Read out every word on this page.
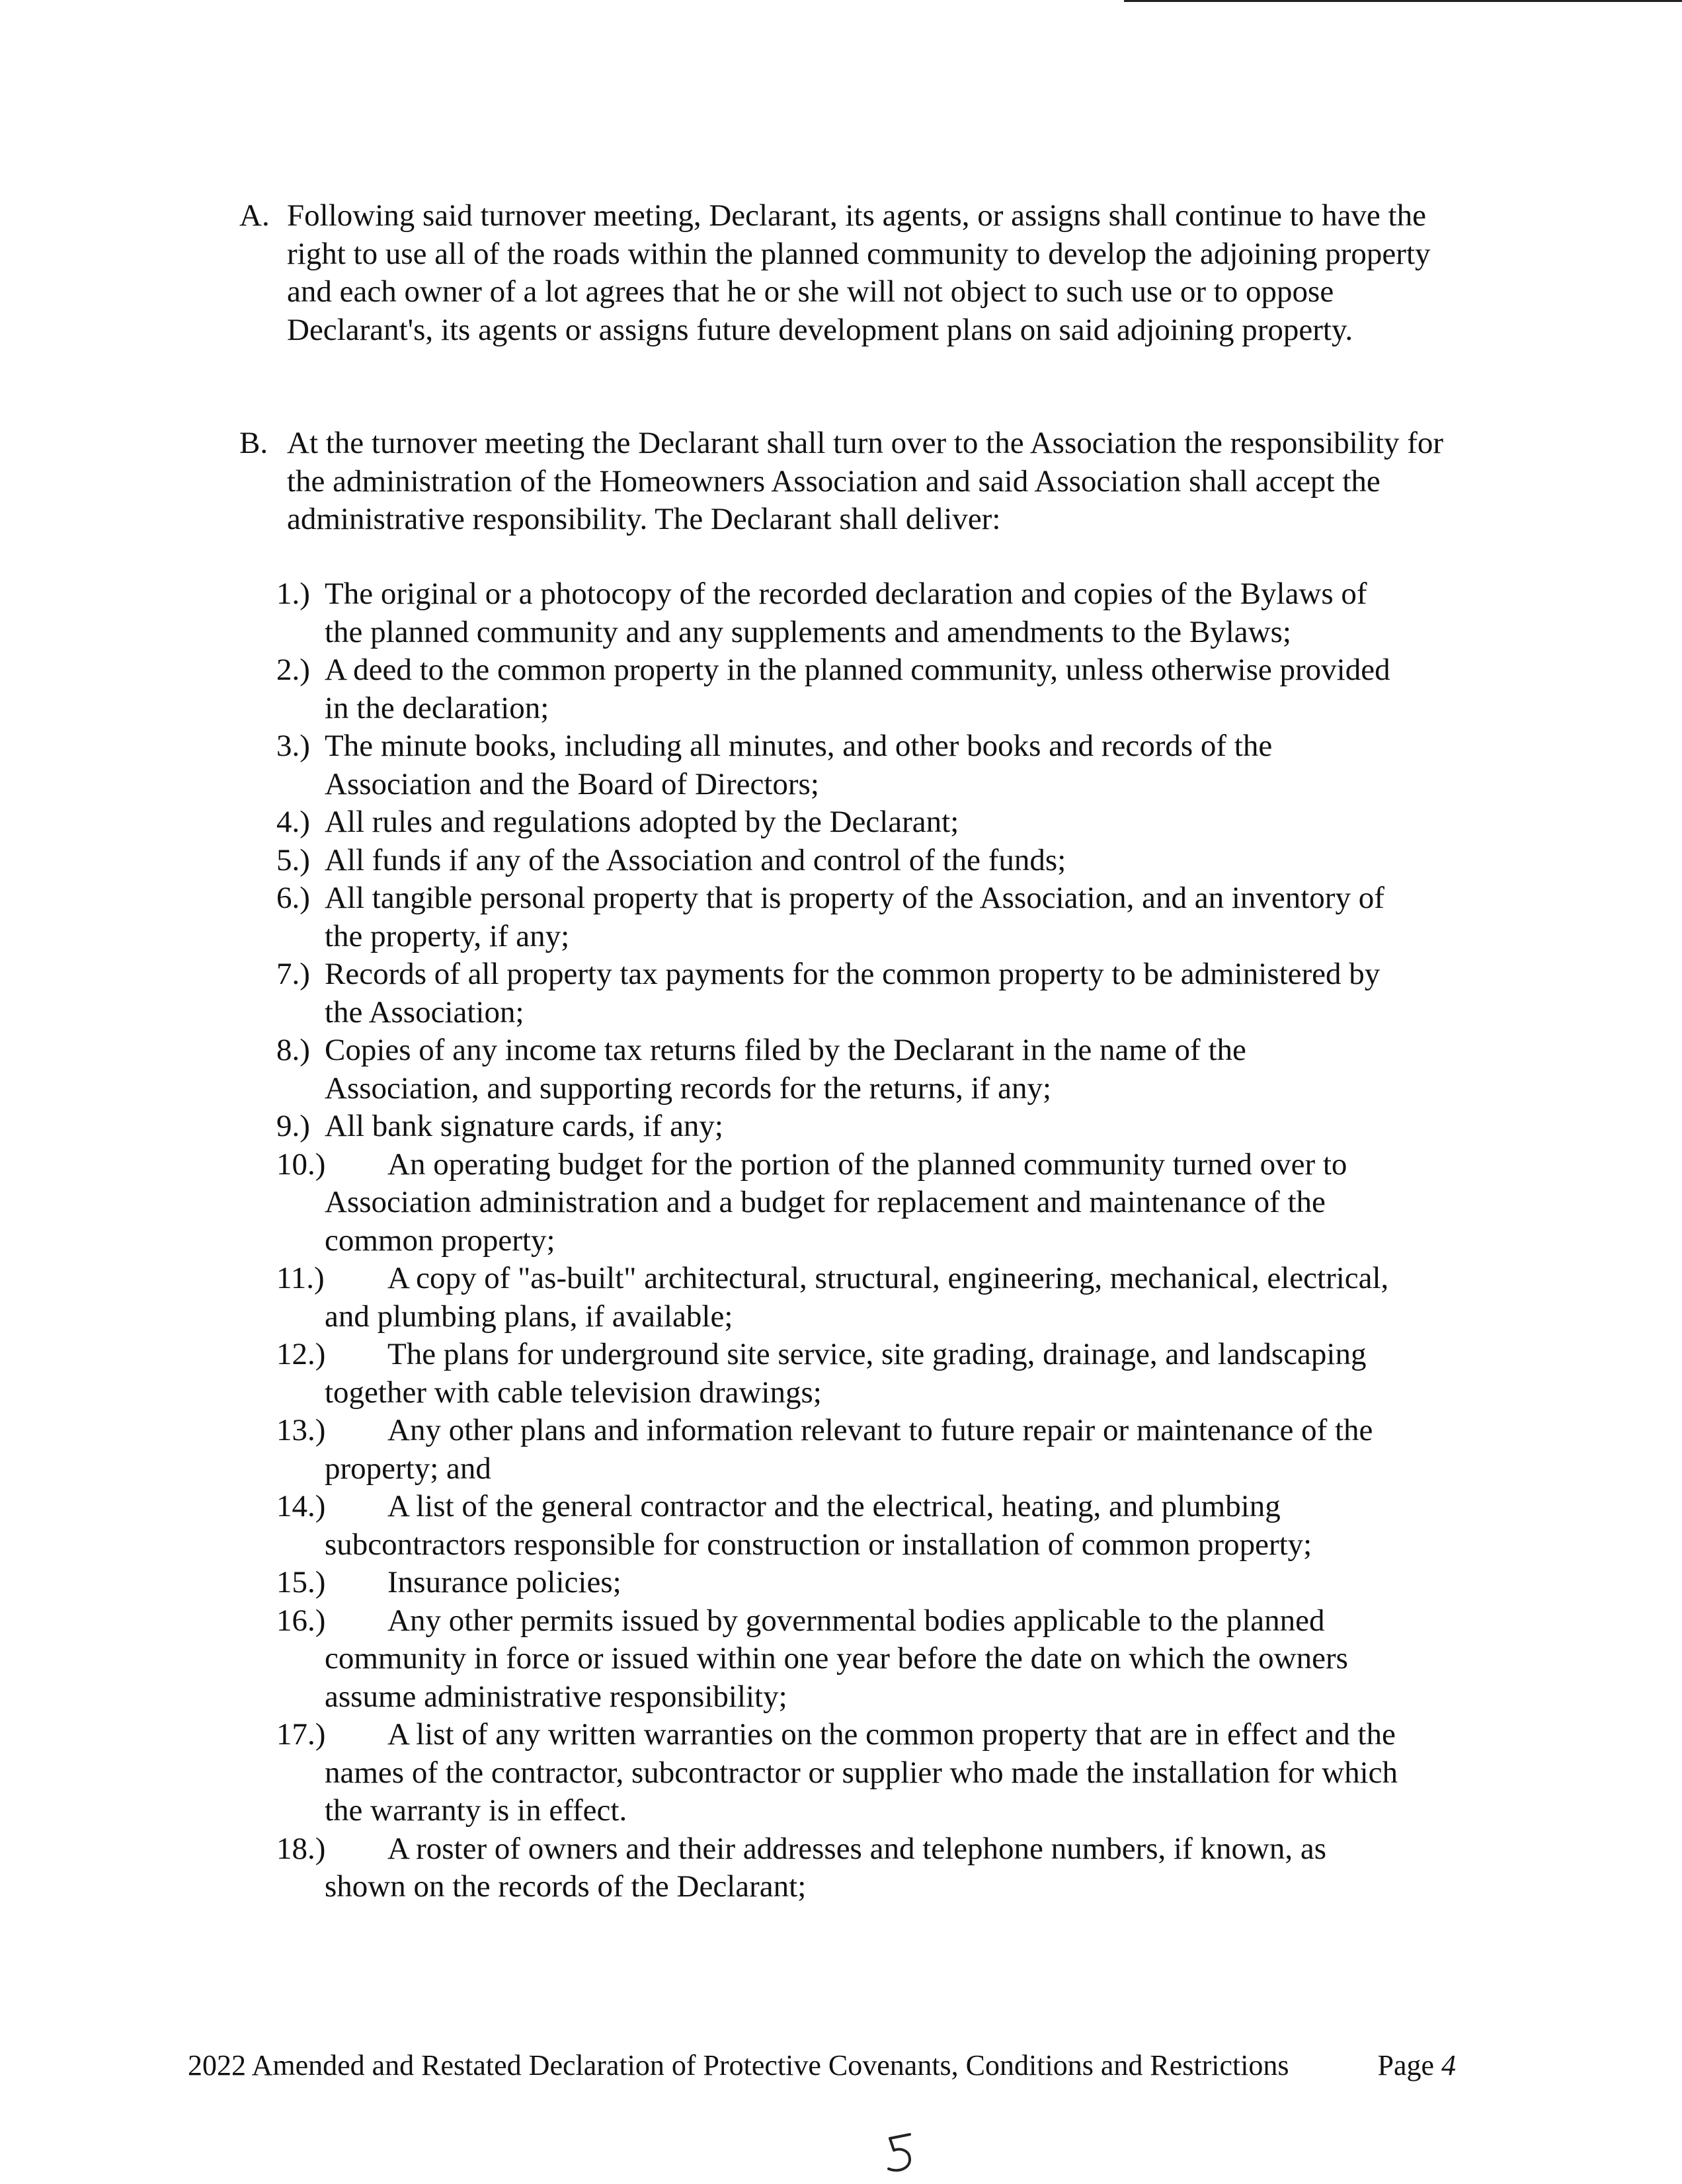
A. Following said turnover meeting, Declarant, its agents, or assigns shall continue to have the right to use all of the roads within the planned community to develop the adjoining property and each owner of a lot agrees that he or she will not object to such use or to oppose Declarant's, its agents or assigns future development plans on said adjoining property.
B. At the turnover meeting the Declarant shall turn over to the Association the responsibility for the administration of the Homeowners Association and said Association shall accept the administrative responsibility. The Declarant shall deliver:
1.) The original or a photocopy of the recorded declaration and copies of the Bylaws of the planned community and any supplements and amendments to the Bylaws;
2.) A deed to the common property in the planned community, unless otherwise provided in the declaration;
3.) The minute books, including all minutes, and other books and records of the Association and the Board of Directors;
4.) All rules and regulations adopted by the Declarant;
5.) All funds if any of the Association and control of the funds;
6.) All tangible personal property that is property of the Association, and an inventory of the property, if any;
7.) Records of all property tax payments for the common property to be administered by the Association;
8.) Copies of any income tax returns filed by the Declarant in the name of the Association, and supporting records for the returns, if any;
9.) All bank signature cards, if any;
10.)	An operating budget for the portion of the planned community turned over to Association administration and a budget for replacement and maintenance of the common property;
11.)	A copy of "as-built" architectural, structural, engineering, mechanical, electrical, and plumbing plans, if available;
12.)	The plans for underground site service, site grading, drainage, and landscaping together with cable television drawings;
13.)	Any other plans and information relevant to future repair or maintenance of the property; and
14.)	A list of the general contractor and the electrical, heating, and plumbing subcontractors responsible for construction or installation of common property;
15.)	Insurance policies;
16.)	Any other permits issued by governmental bodies applicable to the planned community in force or issued within one year before the date on which the owners assume administrative responsibility;
17.)	A list of any written warranties on the common property that are in effect and the names of the contractor, subcontractor or supplier who made the installation for which the warranty is in effect.
18.)	A roster of owners and their addresses and telephone numbers, if known, as shown on the records of the Declarant;
2022 Amended and Restated Declaration of Protective Covenants, Conditions and Restrictions	Page 4
